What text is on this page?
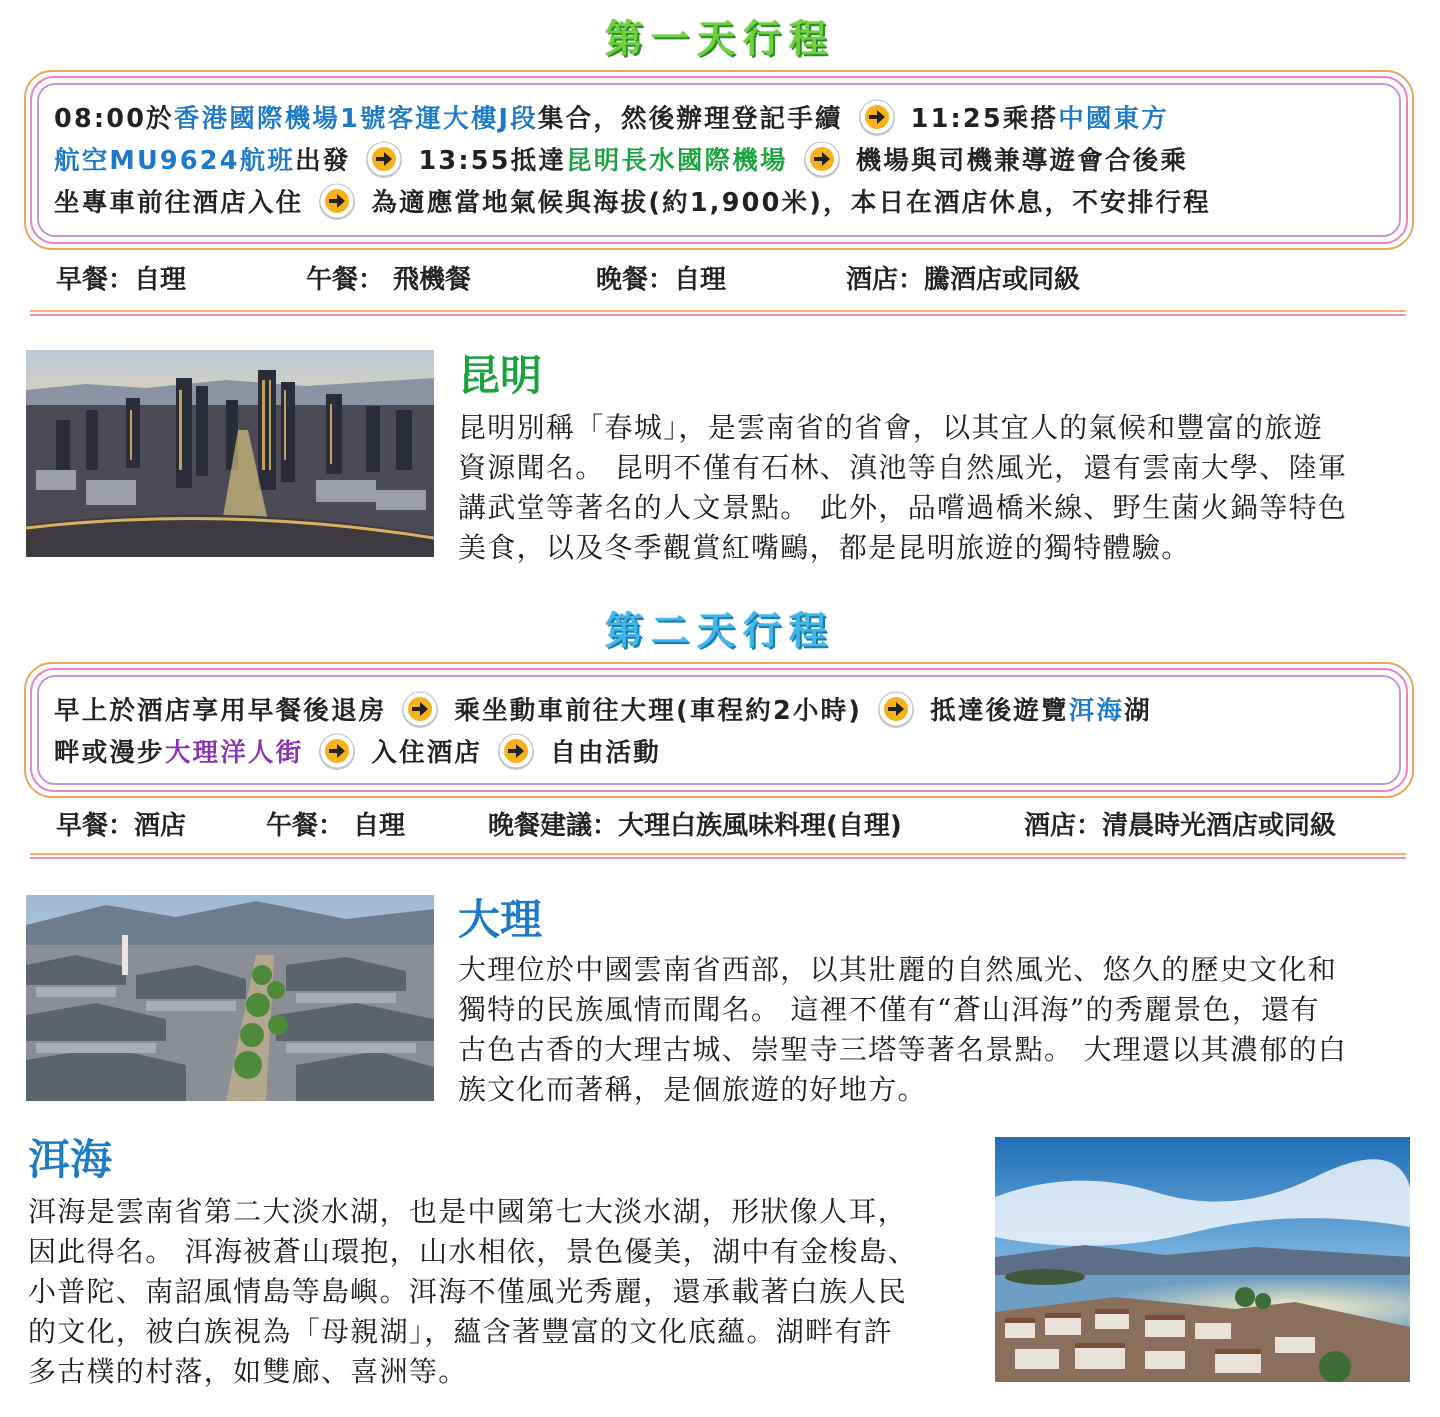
第一天行程
08:00於香港國際機場1號客運大樓J段集合，然後辦理登記手續	11:25乘搭中國東方
航空MU9624航班出發	13:55抵達昆明長水國際機場	機場與司機兼導遊會合後乘
坐專車前往酒店入住	為適應當地氣候與海拔(約1,900米)，本日在酒店休息，不安排行程
早餐：自理	午餐： 飛機餐	晚餐：自理	酒店：騰酒店或同級
昆明
昆明別稱「春城」，是雲南省的省會，以其宜人的氣候和豐富的旅遊
資源聞名。 昆明不僅有石林、滇池等自然風光，還有雲南大學、陸軍
講武堂等著名的人文景點。 此外，品嚐過橋米線、野生菌火鍋等特色
美食，以及冬季觀賞紅嘴鷗，都是昆明旅遊的獨特體驗。
第二天行程
早上於酒店享用早餐後退房	乘坐動車前往大理(車程約2小時)	抵達後遊覽洱海湖
畔或漫步大理洋人街	入住酒店	自由活動
早餐：酒店	午餐： 自理	晚餐建議：大理白族風味料理(自理)	酒店：清晨時光酒店或同級
大理
大理位於中國雲南省西部，以其壯麗的自然風光、悠久的歷史文化和
獨特的民族風情而聞名。 這裡不僅有“蒼山洱海”的秀麗景色，還有
古色古香的大理古城、崇聖寺三塔等著名景點。 大理還以其濃郁的白
族文化而著稱，是個旅遊的好地方。
洱海
洱海是雲南省第二大淡水湖，也是中國第七大淡水湖，形狀像人耳，
因此得名。 洱海被蒼山環抱，山水相依，景色優美，湖中有金梭島、
小普陀、南詔風情島等島嶼。洱海不僅風光秀麗，還承載著白族人民
的文化，被白族視為「母親湖」，蘊含著豐富的文化底蘊。湖畔有許
多古樸的村落，如雙廊、喜洲等。
